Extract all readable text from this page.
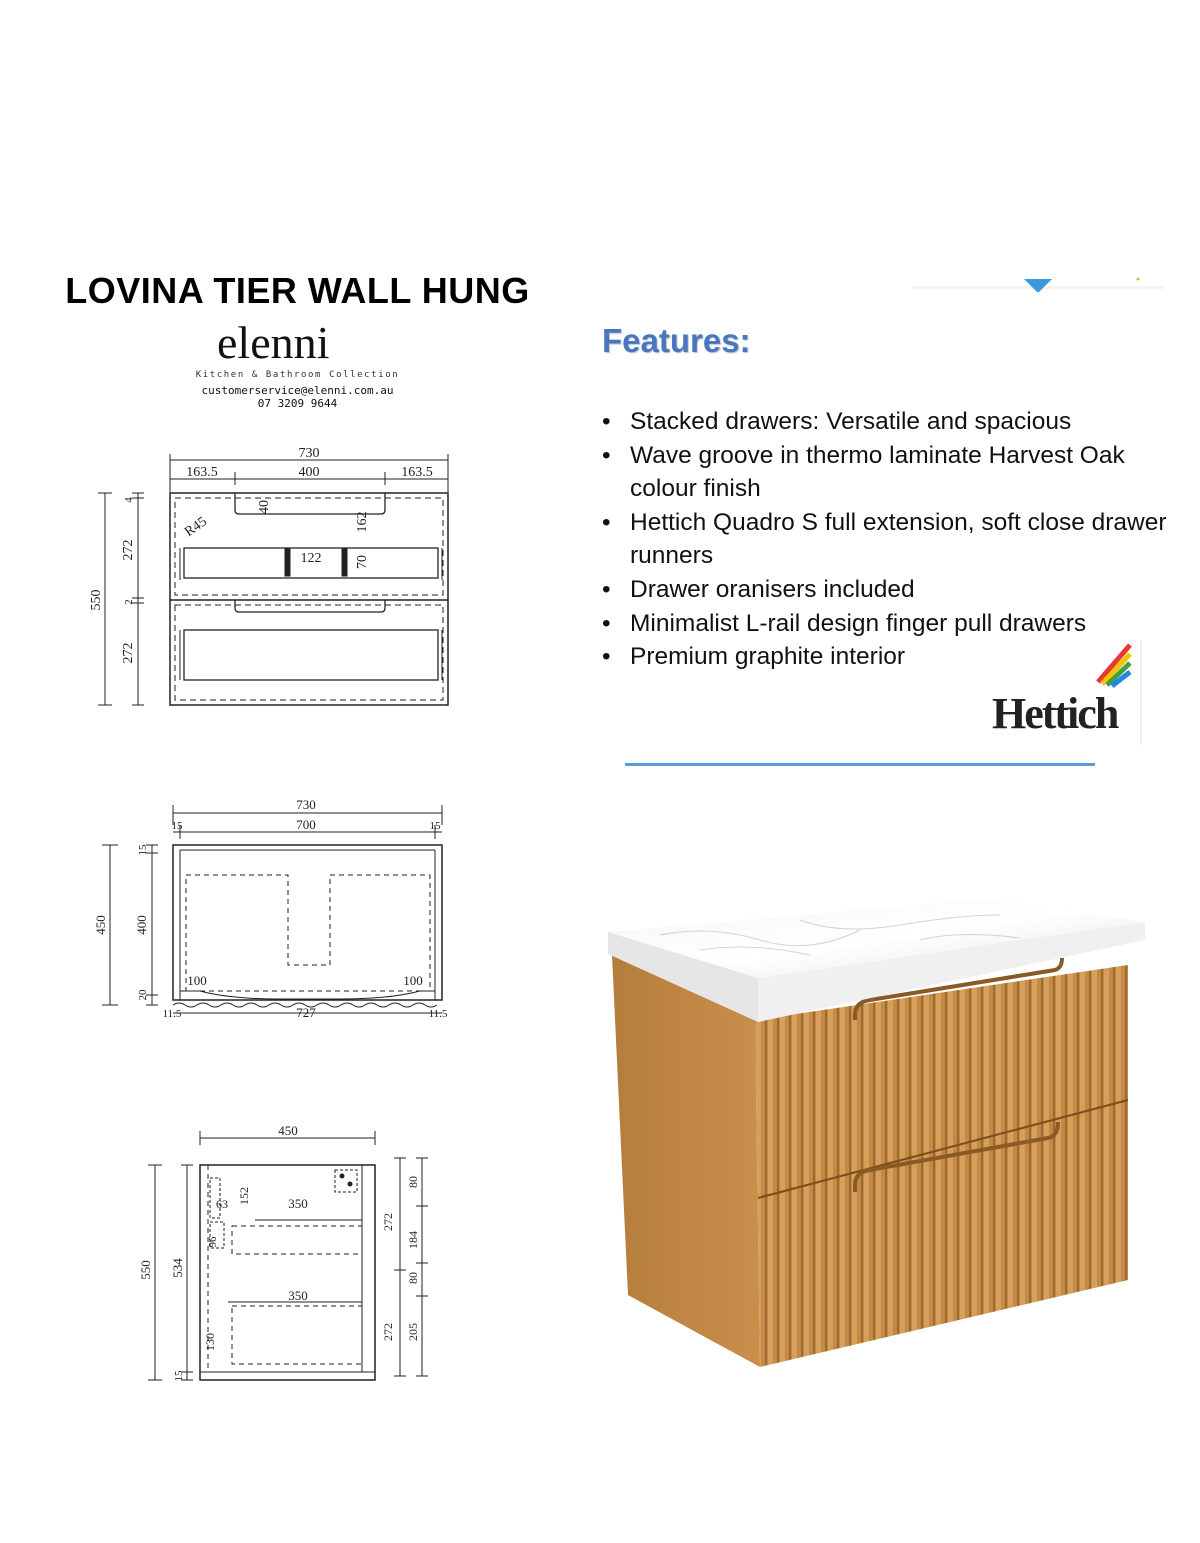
LOVINA TIER WALL HUNG
elenni
Kitchen & Bathroom Collection
customerservice@elenni.com.au
07 3209 9644
730
163.5	400	163.5
550
4
272
2
272
R45
40
162
122 70
730
700
15	15
450
15
400
20
100	100
727
11.5	11.5
450
550 534
15
63 152
96
130
350
350
80
272
184
80
272 205
Features:
• Stacked drawers: Versatile and spacious
• Wave groove in thermo laminate Harvest Oak colour finish
• Hettich Quadro S full extension, soft close drawer runners
• Drawer oranisers included
• Minimalist L-rail design finger pull drawers
• Premium graphite interior
Hettich
